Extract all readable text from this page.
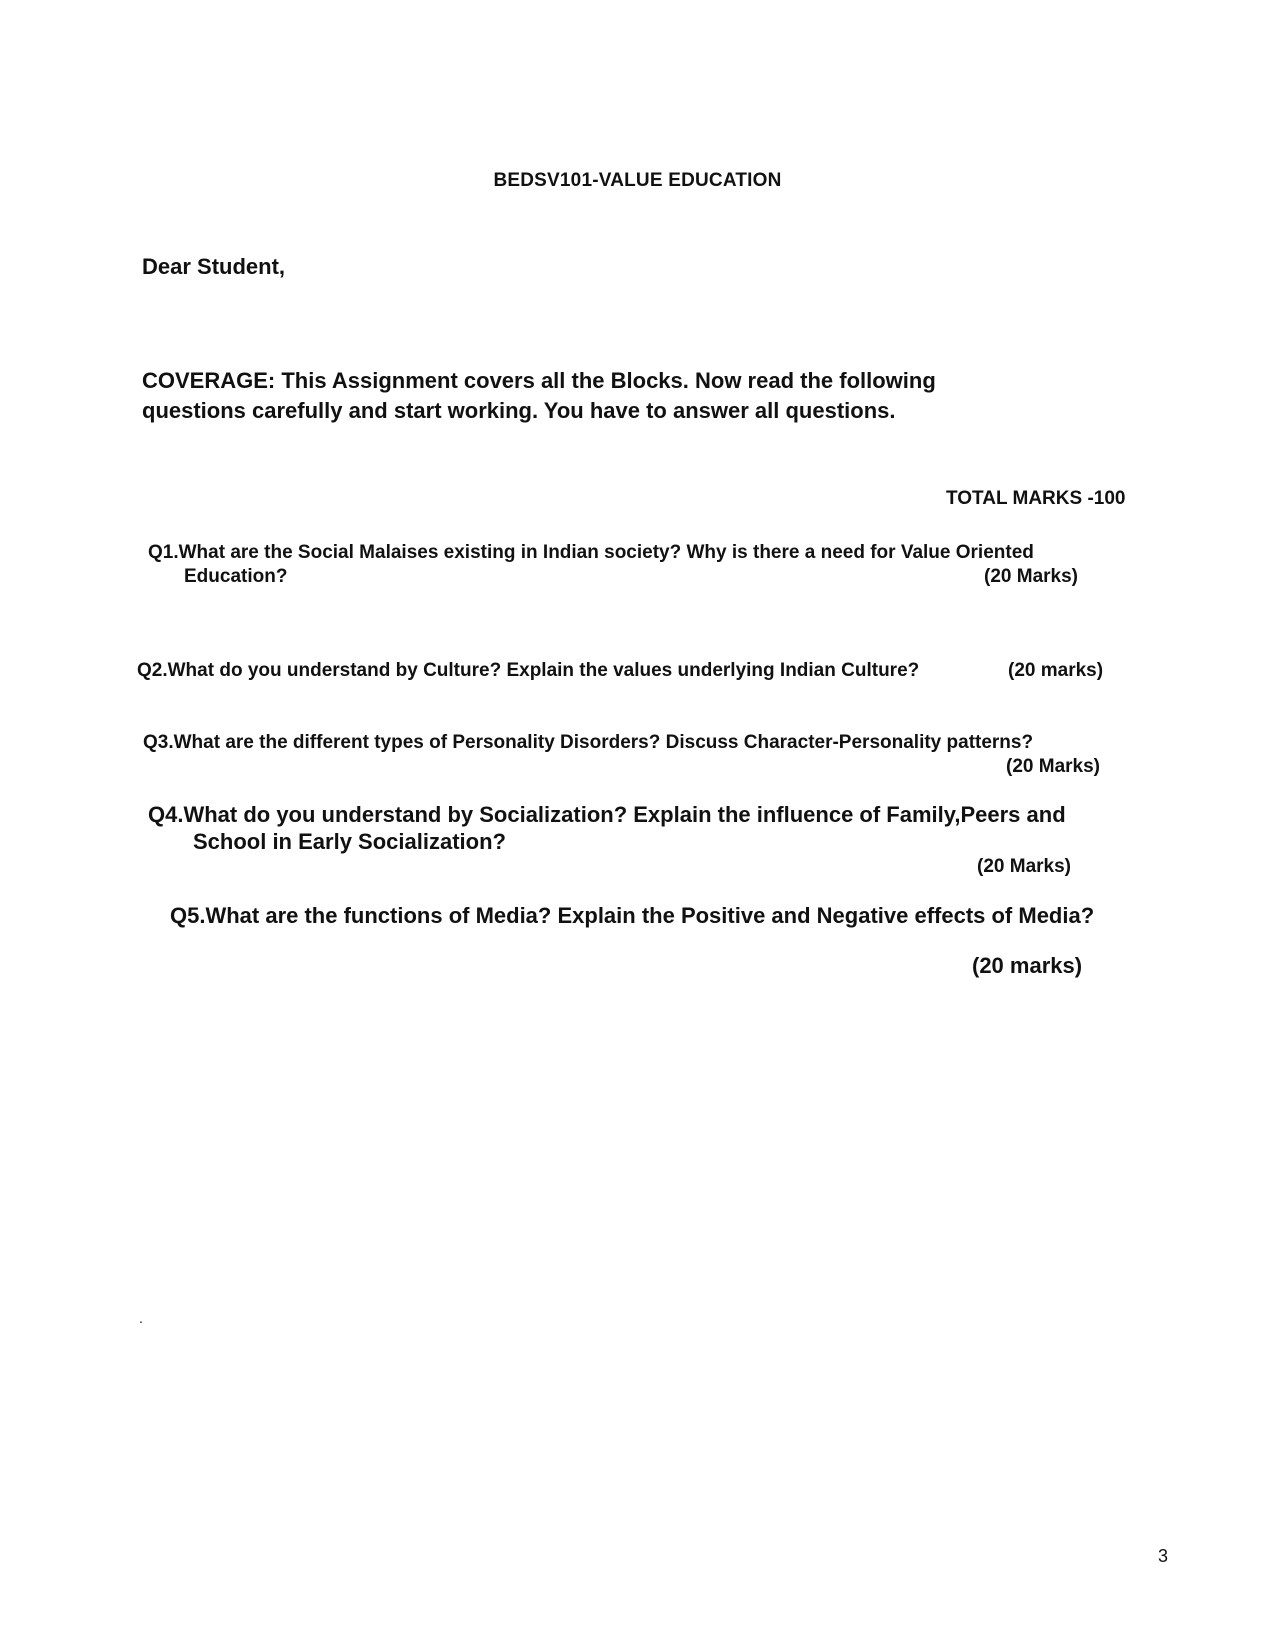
BEDSV101-VALUE EDUCATION
Dear Student,
COVERAGE: This Assignment covers all the Blocks. Now read the following
questions carefully and start working. You have to answer all questions.
TOTAL MARKS -100
Q1.What are the Social Malaises existing in Indian society? Why is there a need for Value Oriented
Education?	(20 Marks)
Q2.What do you understand by Culture? Explain the values underlying Indian Culture?	(20 marks)
Q3.What are the different types of Personality Disorders? Discuss Character-Personality patterns?
(20 Marks)
Q4.What do you understand by Socialization? Explain the influence of Family,Peers and
School in Early Socialization?
(20 Marks)
Q5.What are the functions of Media? Explain the Positive and Negative effects of Media?
(20 marks)
.
3
